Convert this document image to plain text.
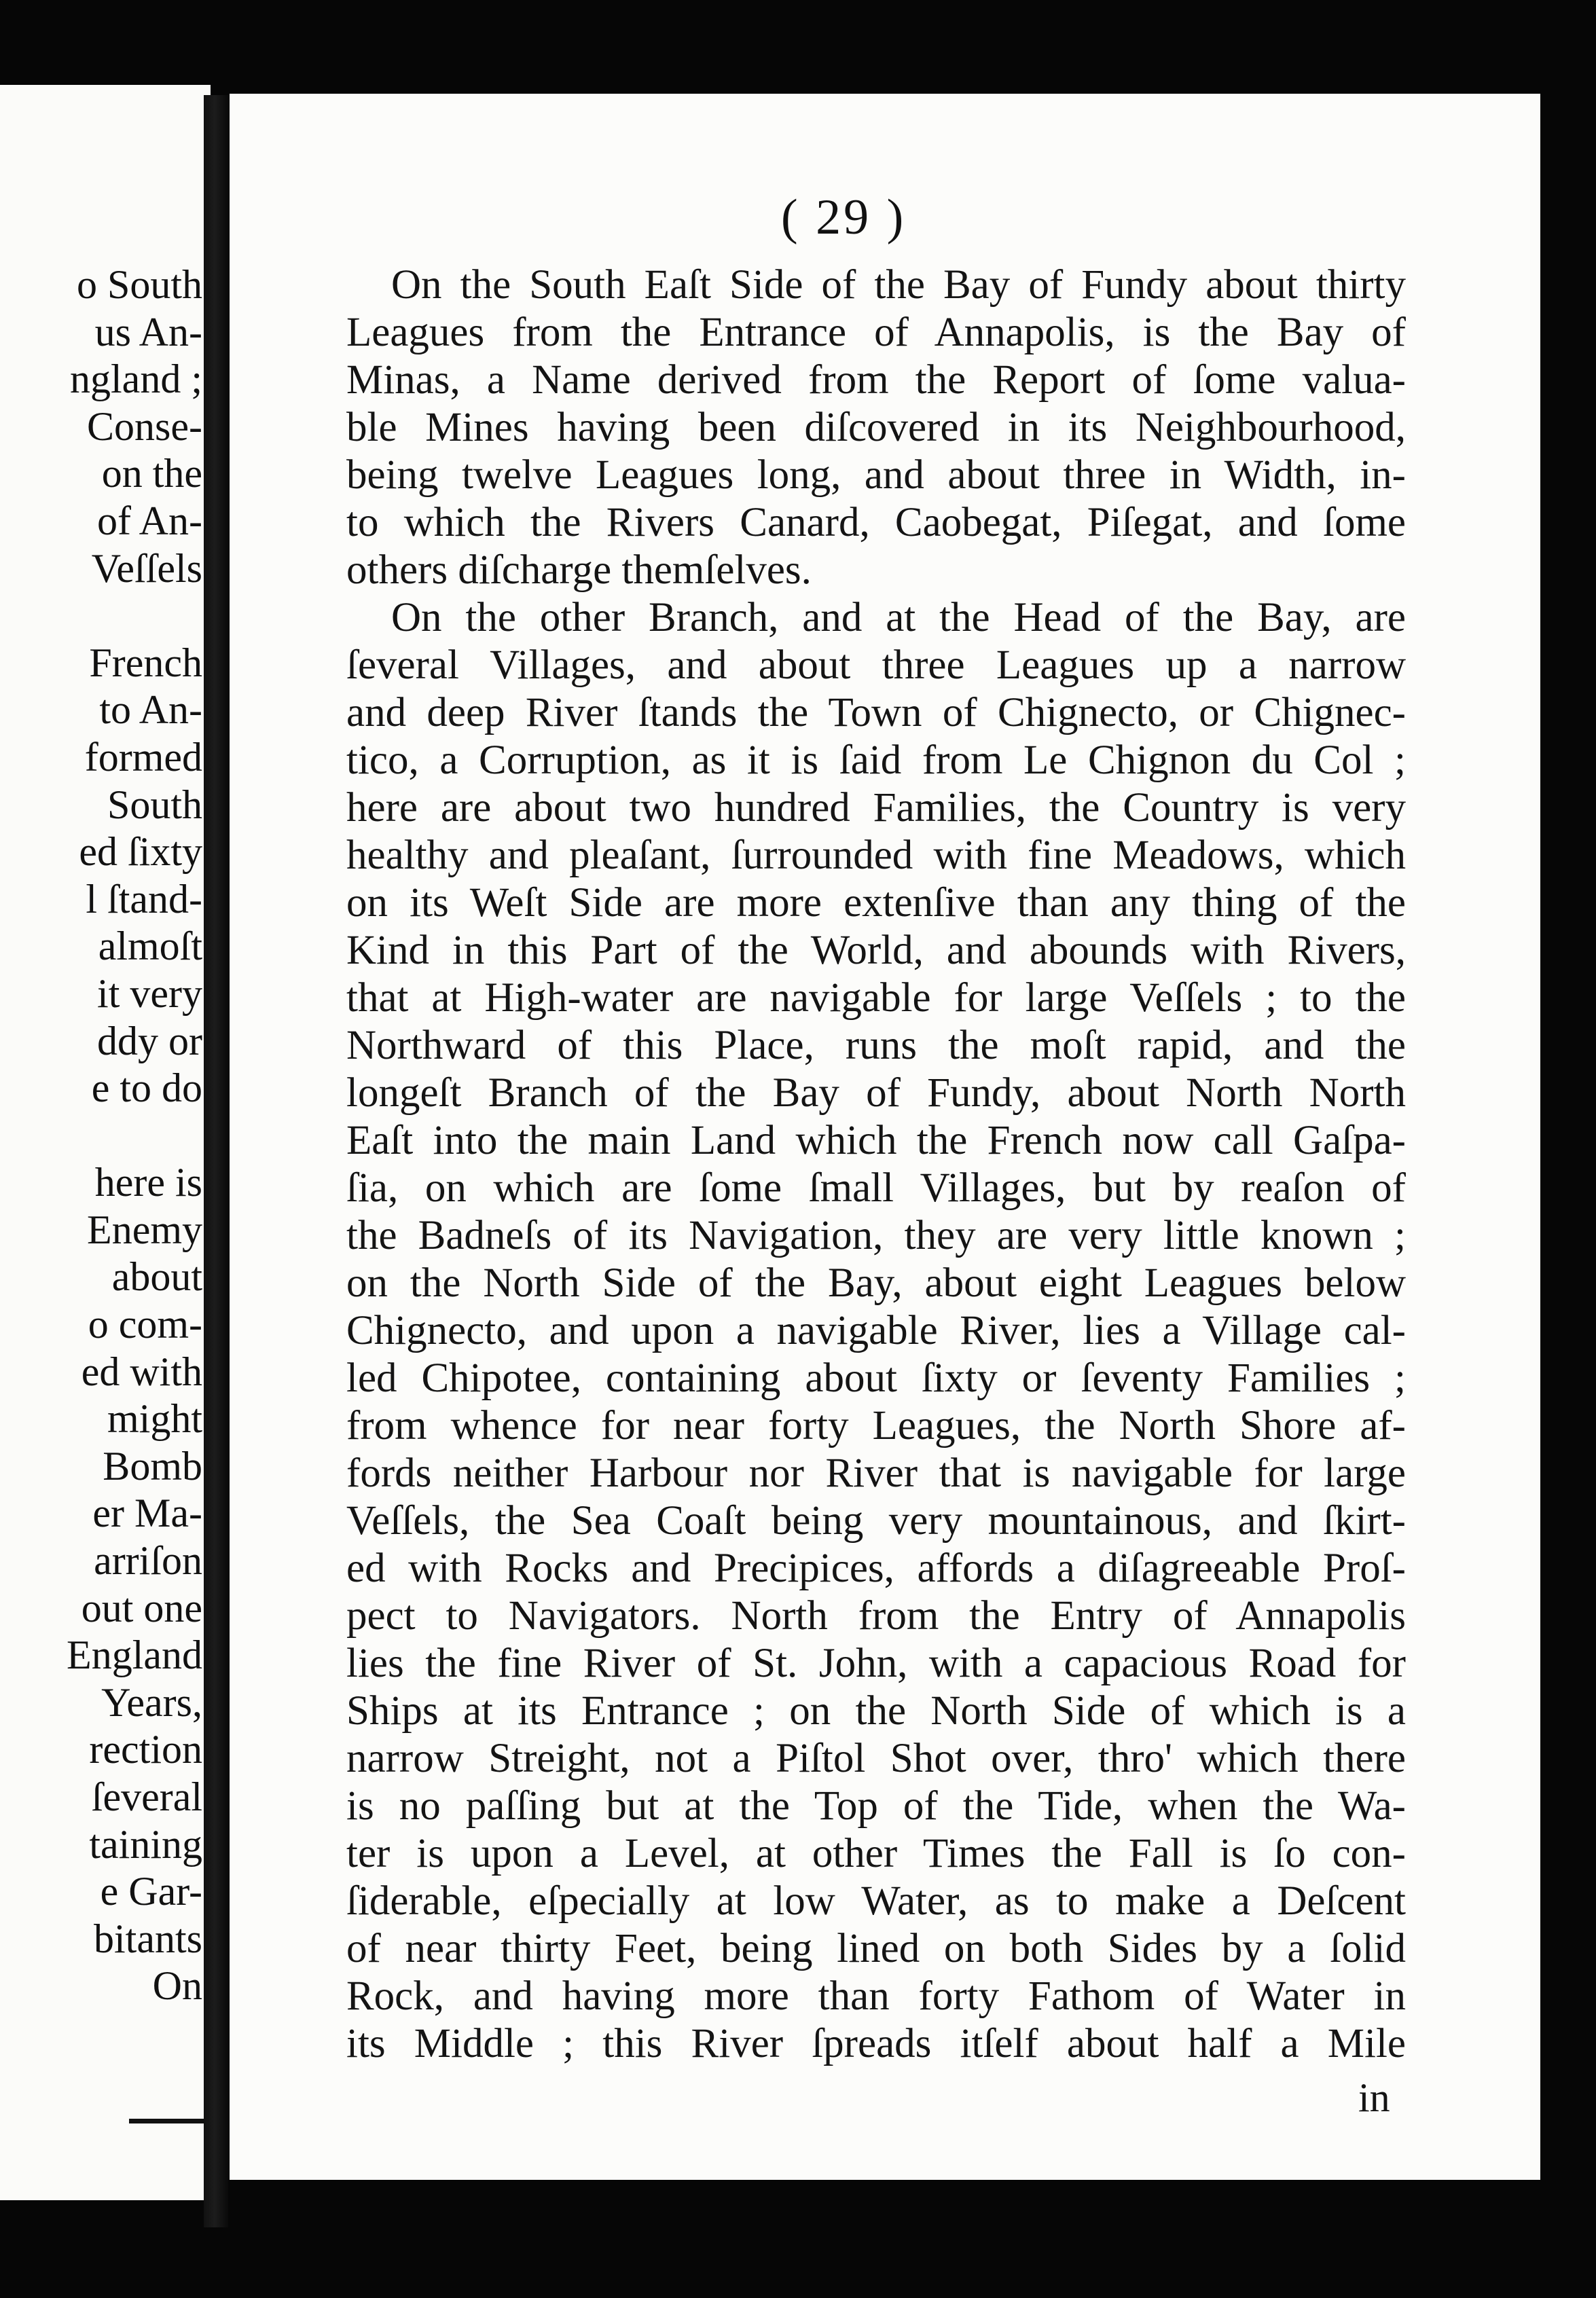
o South
us An-
ngland ;
Conse-
on the
of An-
Veſſels

French
to An-
formed
South
ed ſixty
l ſtand-
almoſt
it very
ddy or
e to do

here is
Enemy
about
o com-
ed with
might
Bomb
er Ma-
arriſon
out one
England
Years,
rection
ſeveral
taining
e Gar-
bitants
On
( 29 )
On the South Eaſt Side of the Bay of Fundy about thirty
Leagues from the Entrance of Annapolis, is the Bay of
Minas, a Name derived from the Report of ſome valua-
ble Mines having been diſcovered in its Neighbourhood,
being twelve Leagues long, and about three in Width, in-
to which the Rivers Canard, Caobegat, Piſegat, and ſome
others diſcharge themſelves.
On the other Branch, and at the Head of the Bay, are
ſeveral Villages, and about three Leagues up a narrow
and deep River ſtands the Town of Chignecto, or Chignec-
tico, a Corruption, as it is ſaid from Le Chignon du Col ;
here are about two hundred Families, the Country is very
healthy and pleaſant, ſurrounded with fine Meadows, which
on its Weſt Side are more extenſive than any thing of the
Kind in this Part of the World, and abounds with Rivers,
that at High-water are navigable for large Veſſels ; to the
Northward of this Place, runs the moſt rapid, and the
longeſt Branch of the Bay of Fundy, about North North
Eaſt into the main Land which the French now call Gaſpa-
ſia, on which are ſome ſmall Villages, but by reaſon of
the Badneſs of its Navigation, they are very little known ;
on the North Side of the Bay, about eight Leagues below
Chignecto, and upon a navigable River, lies a Village cal-
led Chipotee, containing about ſixty or ſeventy Families ;
from whence for near forty Leagues, the North Shore af-
fords neither Harbour nor River that is navigable for large
Veſſels, the Sea Coaſt being very mountainous, and ſkirt-
ed with Rocks and Precipices, affords a diſagreeable Proſ-
pect to Navigators. North from the Entry of Annapolis
lies the fine River of St. John, with a capacious Road for
Ships at its Entrance ; on the North Side of which is a
narrow Streight, not a Piſtol Shot over, thro' which there
is no paſſing but at the Top of the Tide, when the Wa-
ter is upon a Level, at other Times the Fall is ſo con-
ſiderable, eſpecially at low Water, as to make a Deſcent
of near thirty Feet, being lined on both Sides by a ſolid
Rock, and having more than forty Fathom of Water in
its Middle ; this River ſpreads itſelf about half a Mile
in
